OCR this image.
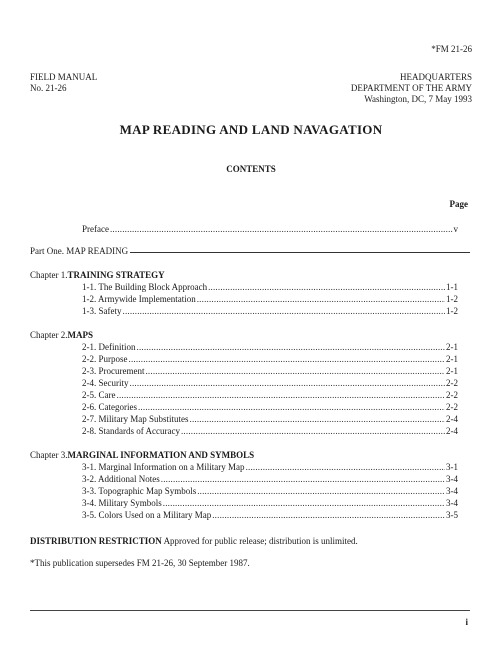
*FM 21-26
FIELD MANUAL
No. 21-26
HEADQUARTERS
DEPARTMENT OF THE ARMY
Washington, DC, 7 May 1993
MAP READING AND LAND NAVAGATION
CONTENTS
Page
Preface .....	v
Part One. MAP READING
Chapter 1.TRAINING STRATEGY
1-1. The Building Block Approach .....	1-1
1-2. Armywide Implementation .....	1-2
1-3. Safety .....	1-2
Chapter 2.MAPS
2-1. Definition .....	2-1
2-2. Purpose .....	2-1
2-3. Procurement .....	2-1
2-4. Security .....	2-2
2-5. Care .....	2-2
2-6. Categories .....	2-2
2-7. Military Map Substitutes .....	2-4
2-8. Standards of Accuracy .....	2-4
Chapter 3.MARGINAL INFORMATION AND SYMBOLS
3-1. Marginal Information on a Military Map .....	3-1
3-2. Additional Notes .....	3-4
3-3. Topographic Map Symbols .....	3-4
3-4. Military Symbols .....	3-4
3-5. Colors Used on a Military Map .....	3-5
DISTRIBUTION RESTRICTION Approved for public release; distribution is unlimited.
*This publication supersedes FM 21-26, 30 September 1987.
i
